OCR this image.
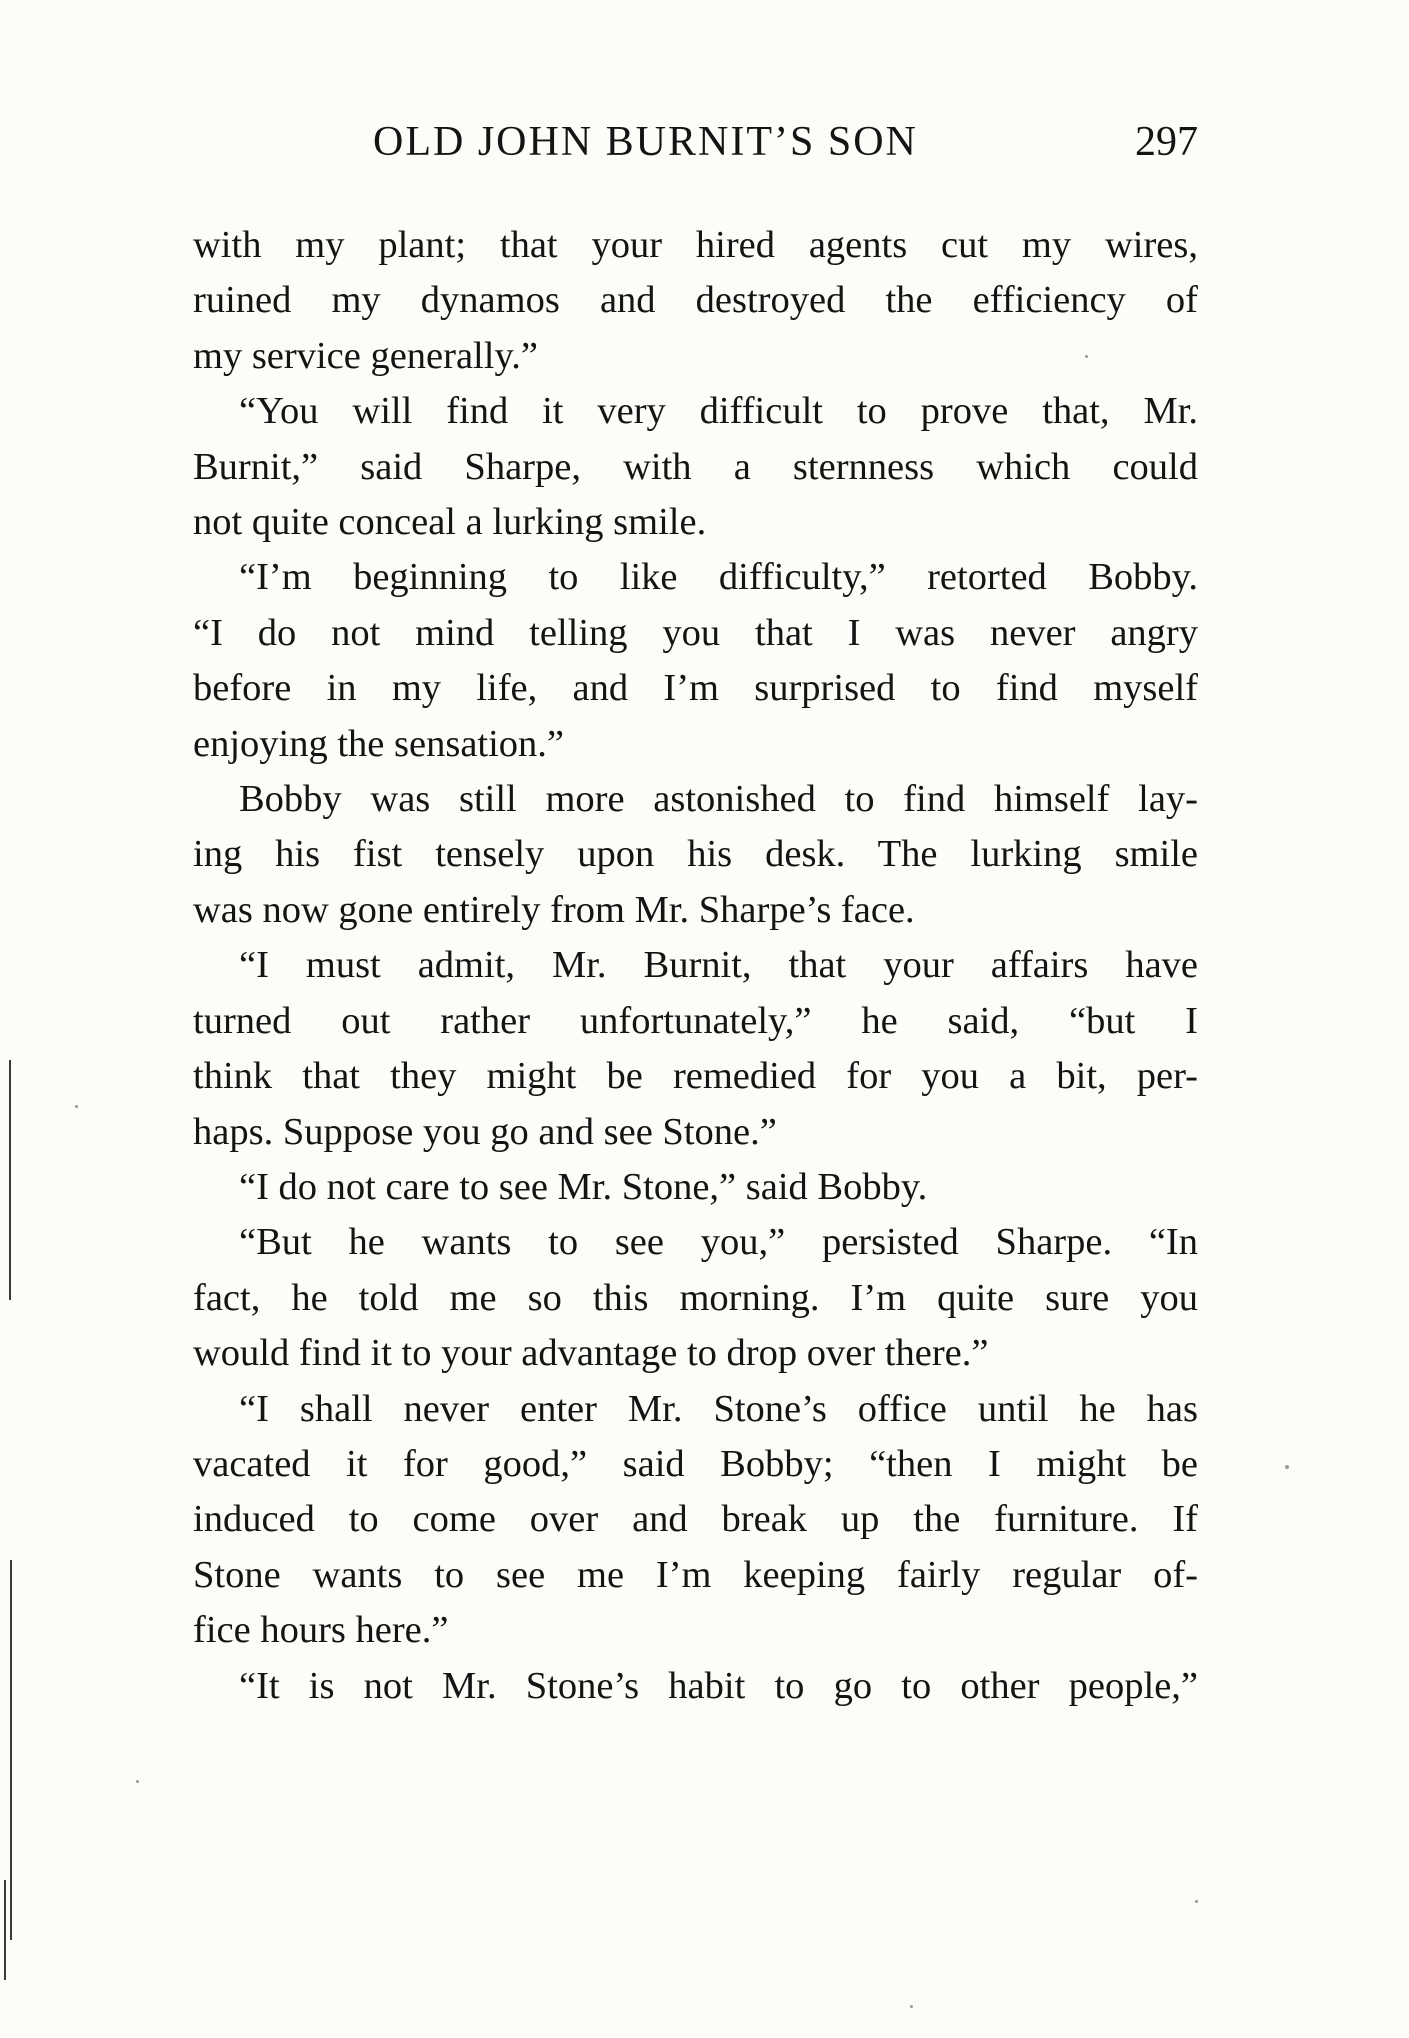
OLD JOHN BURNIT’S SON	297

with my plant; that your hired agents cut my wires,
ruined my dynamos and destroyed the efficiency of
my service generally.”

“You will find it very difficult to prove that, Mr.
Burnit,” said Sharpe, with a sternness which could
not quite conceal a lurking smile.

“I’m beginning to like difficulty,” retorted Bobby.
“I do not mind telling you that I was never angry
before in my life, and I’m surprised to find myself
enjoying the sensation.”

Bobby was still more astonished to find himself lay-
ing his fist tensely upon his desk. The lurking smile
was now gone entirely from Mr. Sharpe’s face.

“I must admit, Mr. Burnit, that your affairs have
turned out rather unfortunately,” he said, “but I
think that they might be remedied for you a bit, per-
haps. Suppose you go and see Stone.”

“I do not care to see Mr. Stone,” said Bobby.

“But he wants to see you,” persisted Sharpe. “In
fact, he told me so this morning. I’m quite sure you
would find it to your advantage to drop over there.”

“I shall never enter Mr. Stone’s office until he has
vacated it for good,” said Bobby; “then I might be
induced to come over and break up the furniture. If
Stone wants to see me I’m keeping fairly regular of-
fice hours here.”

“It is not Mr. Stone’s habit to go to other people,”
